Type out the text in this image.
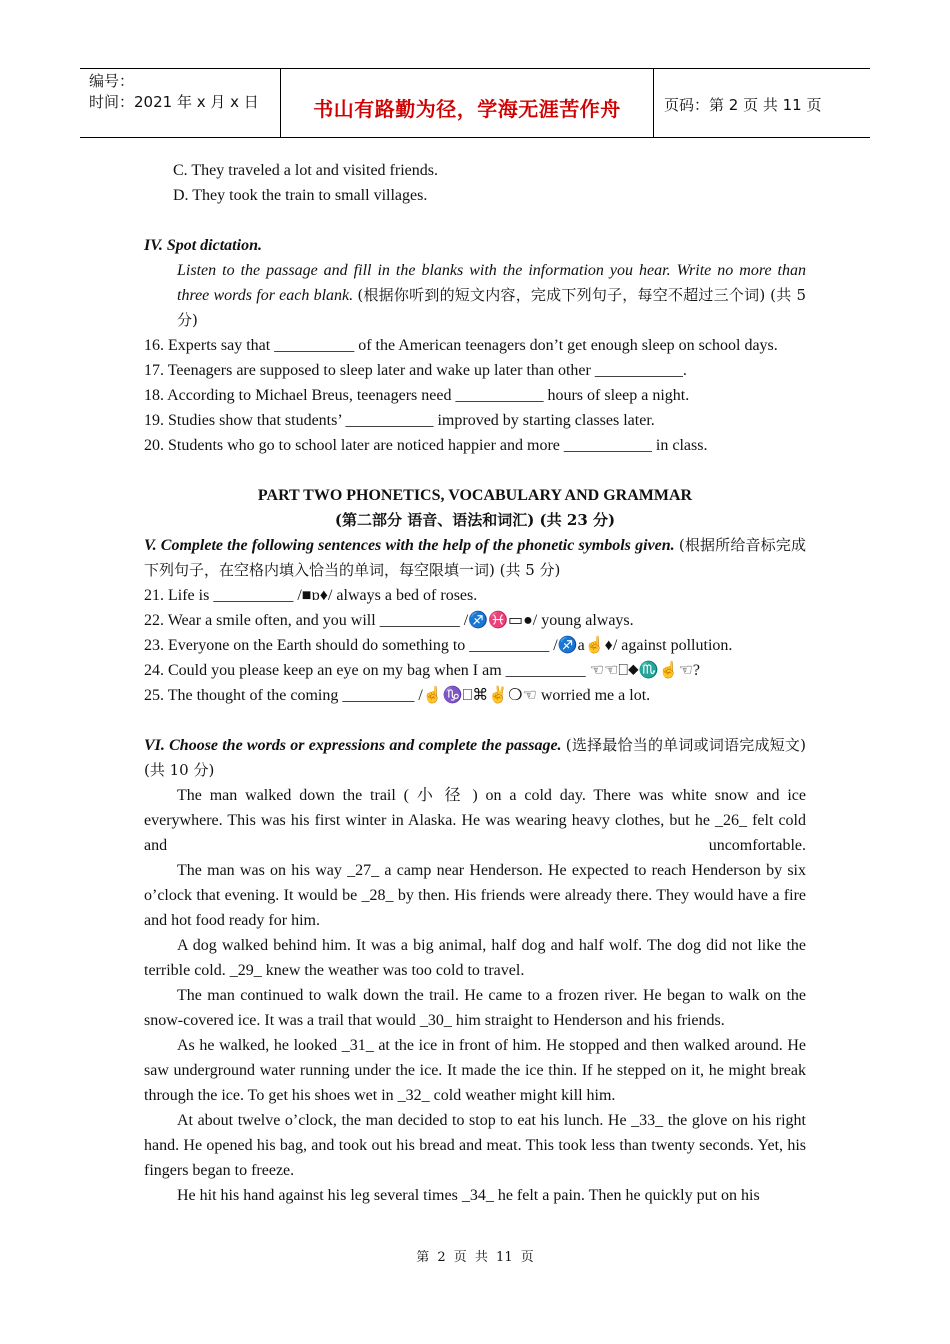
编号：
时间：2021 年 x 月 x 日	书山有路勤为径，学海无涯苦作舟	页码：第 2 页 共 11 页

C. They traveled a lot and visited friends.

D. They took the train to small villages.

IV. Spot dictation.

Listen to the passage and fill in the blanks with the information you hear. Write no more than three words for each blank. (根据你听到的短文内容，完成下列句子，每空不超过三个词) (共 5 分)

16. Experts say that __________ of the American teenagers don’t get enough sleep on school days.

17. Teenagers are supposed to sleep later and wake up later than other ___________.

18. According to Michael Breus, teenagers need ___________ hours of sleep a night.

19. Studies show that students’ ___________ improved by starting classes later.

20. Students who go to school later are noticed happier and more ___________ in class.

PART TWO PHONETICS, VOCABULARY AND GRAMMAR

(第二部分 语音、语法和词汇) (共 23 分)

V. Complete the following sentences with the help of the phonetic symbols given. (根据所给音标完成下列句子，在空格内填入恰当的单词，每空限填一词) (共 5 分)

21. Life is __________ /■ɒ♦/ always a bed of roses.

22. Wear a smile often, and you will __________ /♐♓▭●/ young always.

23. Everyone on the Earth should do something to __________ /♐a☝♦/ against pollution.

24. Could you please keep an eye on my bag when I am __________ ☜☜⎕⬥♏☝☜?

25. The thought of the coming _________ /☝♑⎕⌘✌❍☜ worried me a lot.

VI. Choose the words or expressions and complete the passage. (选择最恰当的单词或词语完成短文) (共 10 分)

The man walked down the trail ( 小 径 ) on a cold day. There was white snow and ice everywhere. This was his first winter in Alaska. He was wearing heavy clothes, but he _26_ felt cold and uncomfortable.

The man was on his way _27_ a camp near Henderson. He expected to reach Henderson by six o’clock that evening. It would be _28_ by then. His friends were already there. They would have a fire and hot food ready for him.

A dog walked behind him. It was a big animal, half dog and half wolf. The dog did not like the terrible cold. _29_ knew the weather was too cold to travel.

The man continued to walk down the trail. He came to a frozen river. He began to walk on the snow-covered ice. It was a trail that would _30_ him straight to Henderson and his friends.

As he walked, he looked _31_ at the ice in front of him. He stopped and then walked around. He saw underground water running under the ice. It made the ice thin. If he stepped on it, he might break through the ice. To get his shoes wet in _32_ cold weather might kill him.

At about twelve o’clock, the man decided to stop to eat his lunch. He _33_ the glove on his right hand. He opened his bag, and took out his bread and meat. This took less than twenty seconds. Yet, his fingers began to freeze.

He hit his hand against his leg several times _34_ he felt a pain. Then he quickly put on his

第 2 页 共 11 页
